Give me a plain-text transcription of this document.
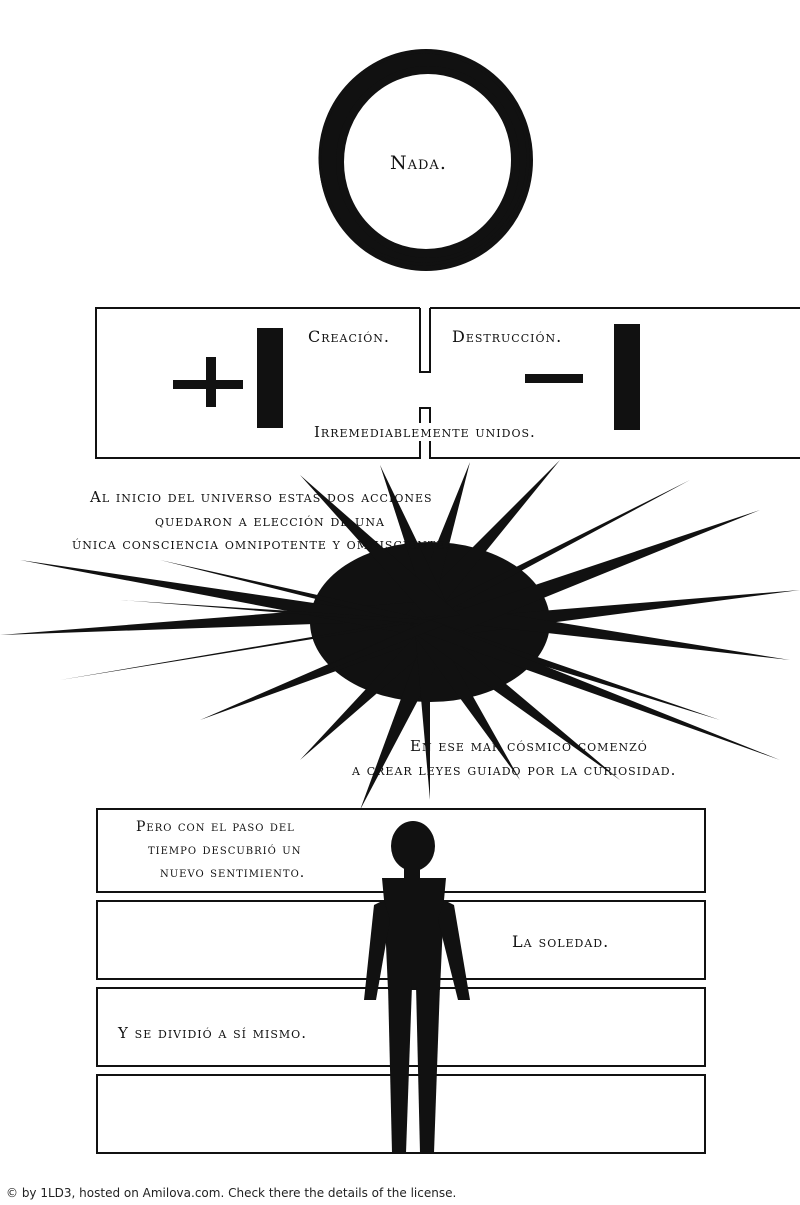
Nada.
Creación.	Destrucción.
Irremediablemente unidos.
Al inicio del universo estas dos acciones
quedaron a elección de una
única consciencia omnipotente y omnisciente.
En ese mar cósmico comenzó
a crear leyes guiado por la curiosidad.
Pero con el paso del
tiempo descubrió un
nuevo sentimiento.
La soledad.
Y se dividió a sí mismo.
© by 1LD3, hosted on Amilova.com. Check there the details of the license.
